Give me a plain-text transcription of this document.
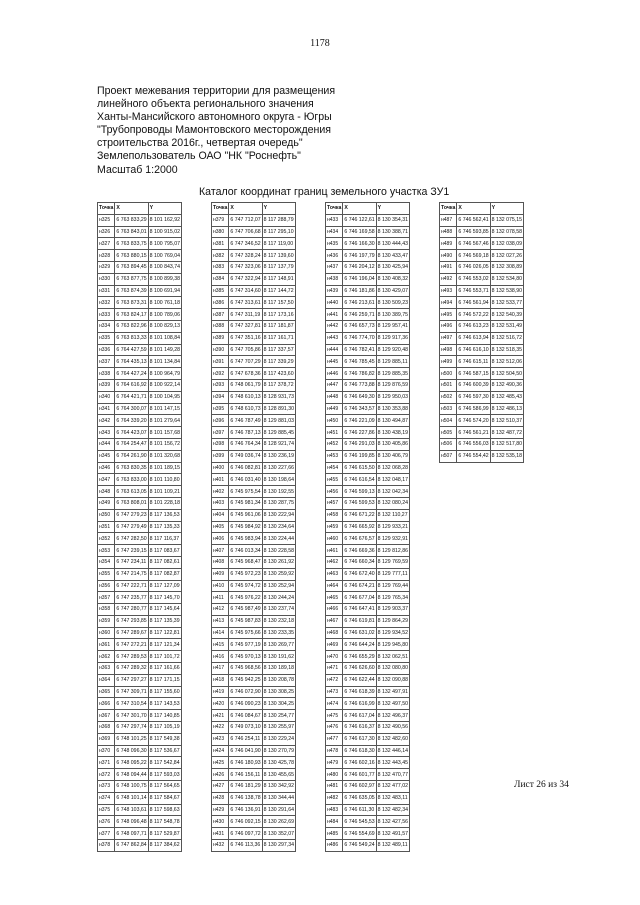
1178
Проект межевания территории для размещения
линейного объекта регионального значения
Ханты-Мансийского автономного округа - Югры
"Трубопроводы Мамонтовского месторождения
строительства 2016г., четвертая очередь"
Землепользователь ОАО "НК "Роснефть"
Масштаб 1:2000
Каталог координат границ земельного участка ЗУ1
Точка	X	Y
н325	6 763 833,29	8 101 162,92
н326	6 763 843,01	8 100 915,02
н327	6 763 833,75	8 100 795,07
н328	6 763 880,15	8 100 769,04
н329	6 763 894,45	8 100 843,74
н330	6 763 877,75	8 100 899,38
н331	6 763 874,39	8 100 691,94
н332	6 763 873,31	8 100 761,18
н333	6 763 824,17	8 100 789,06
н334	6 763 822,96	8 100 829,13
н335	6 763 813,33	8 101 108,84
н336	6 764 427,59	8 101 149,28
н337	6 764 435,13	8 101 134,84
н338	6 764 427,24	8 100 964,79
н339	6 764 616,92	8 100 922,14
н340	6 764 421,71	8 100 104,95
н341	6 764 300,07	8 101 147,15
н342	6 764 339,20	8 101 279,64
н343	6 764 423,07	8 101 157,68
н344	6 764 254,47	8 101 156,72
н345	6 764 261,90	8 101 320,68
н346	6 763 830,35	8 101 189,15
н347	6 763 833,00	8 101 110,80
н348	6 763 613,05	8 101 109,21
н349	6 763 808,01	8 101 228,18
н350	6 747 279,23	8 117 136,53
н351	6 747 279,49	8 117 135,33
н352	6 747 282,50	8 117 116,37
н353	6 747 239,15	8 117 083,67
н354	6 747 234,11	8 117 082,61
н355	6 747 214,75	8 117 082,87
н356	6 747 222,71	8 117 127,09
н357	6 747 235,77	8 117 145,70
н358	6 747 280,77	8 117 145,64
н359	6 747 293,85	8 117 135,39
н360	6 747 289,67	8 117 122,81
н361	6 747 272,21	8 117 121,34
н362	6 747 289,53	8 117 101,72
н363	6 747 289,32	8 117 161,66
н364	6 747 297,27	8 117 171,15
н365	6 747 309,71	8 117 155,60
н366	6 747 310,54	8 117 143,53
н367	6 747 301,70	8 117 140,85
н368	6 747 297,74	8 117 105,19
н369	6 748 101,25	8 117 549,38
н370	6 748 096,30	8 117 536,67
н371	6 748 095,22	8 117 542,84
н372	6 748 094,44	8 117 593,03
н373	6 748 100,75	8 117 564,65
н374	6 748 101,14	8 117 584,67
н375	6 748 103,61	8 117 598,63
н376	6 748 096,48	8 117 548,78
н377	6 748 097,71	8 117 529,87
н378	6 747 862,84	8 117 384,62
Точка	X	Y
н379	6 747 712,07	8 117 288,79
н380	6 747 706,68	8 117 295,10
н381	6 747 346,52	8 117 119,00
н382	6 747 328,24	8 117 139,60
н383	6 747 323,06	8 117 137,79
н384	6 747 322,94	8 117 148,91
н385	6 747 314,60	8 117 144,72
н386	6 747 313,61	8 117 157,50
н387	6 747 311,19	8 117 173,16
н388	6 747 327,81	8 117 181,87
н389	6 747 351,16	8 117 161,71
н390	6 747 705,86	8 117 337,57
н391	6 747 707,29	8 117 339,29
н392	6 747 678,36	8 117 423,60
н393	6 748 061,79	8 117 378,72
н394	6 748 610,13	8 128 931,73
н395	6 748 610,73	8 128 891,30
н396	6 746 787,49	8 129 881,03
н397	6 746 787,13	8 129 885,45
н398	6 746 764,34	8 128 921,74
н399	6 749 036,74	8 130 236,19
н400	6 746 082,81	8 130 227,66
н401	6 746 031,40	8 130 198,64
н402	6 745 975,54	8 130 192,55
н403	6 745 981,34	8 130 287,75
н404	6 745 961,06	8 130 222,94
н405	6 745 984,92	8 130 234,64
н406	6 745 983,94	8 130 224,44
н407	6 746 013,34	8 130 228,58
н408	6 745 968,47	8 130 261,92
н409	6 745 972,23	8 130 259,92
н410	6 745 974,72	8 130 252,94
н411	6 745 976,22	8 130 244,24
н412	6 745 987,49	8 130 237,74
н413	6 745 987,83	8 130 232,18
н414	6 745 975,66	8 130 233,35
н415	6 745 977,19	8 130 269,77
н416	6 745 970,13	8 130 191,62
н417	6 745 968,56	8 130 189,18
н418	6 745 942,25	8 130 208,78
н419	6 746 072,90	8 130 308,25
н420	6 746 090,23	8 130 304,25
н421	6 746 084,67	8 130 254,77
н422	6 749 073,10	8 130 255,97
н423	6 746 254,11	8 130 229,24
н424	6 746 041,90	8 130 270,79
н425	6 746 180,93	8 130 425,78
н426	6 746 156,11	8 130 455,65
н427	6 746 181,29	8 130 342,92
н428	6 746 138,78	8 130 344,44
н429	6 746 136,91	8 130 291,64
н430	6 746 092,15	8 130 262,69
н431	6 746 097,72	8 130 352,07
н432	6 746 113,36	8 130 297,34
Точка	X	Y
н433	6 746 122,61	8 130 354,31
н434	6 746 169,58	8 130 388,71
н435	6 746 166,30	8 130 444,43
н436	6 746 197,79	8 130 433,47
н437	6 746 204,12	8 130 425,94
н438	6 746 196,04	8 130 408,32
н439	6 746 181,86	8 130 429,07
н440	6 746 213,61	8 130 509,23
н441	6 746 259,71	8 130 389,75
н442	6 746 657,73	8 129 957,41
н443	6 746 774,70	8 129 917,36
н444	6 746 782,41	8 129 920,48
н445	6 746 785,45	8 129 885,11
н446	6 746 786,82	8 129 885,35
н447	6 746 773,88	8 129 876,59
н448	6 746 649,30	8 129 950,03
н449	6 746 343,57	8 130 353,88
н450	6 746 221,09	8 130 494,87
н451	6 746 227,86	8 130 438,19
н452	6 746 291,03	8 130 405,86
н453	6 746 199,85	8 130 406,79
н454	6 746 615,50	8 132 068,28
н455	6 746 616,54	8 132 048,17
н456	6 746 599,13	8 132 042,34
н457	6 746 599,53	8 132 080,24
н458	6 746 671,22	8 132 110,27
н459	6 746 665,92	8 129 933,21
н460	6 746 676,57	8 129 932,91
н461	6 746 669,36	8 129 812,86
н462	6 746 660,34	8 129 769,59
н463	6 746 672,40	8 129 777,11
н464	6 746 674,21	8 129 769,44
н465	6 746 677,04	8 129 765,34
н466	6 746 647,41	8 129 903,37
н467	6 746 619,81	8 129 864,29
н468	6 746 631,02	8 129 934,52
н469	6 746 644,24	8 129 945,80
н470	6 746 655,29	8 132 062,51
н471	6 746 626,60	8 132 080,80
н472	6 746 622,44	8 132 090,88
н473	6 746 618,39	8 132 497,91
н474	6 746 616,99	8 132 497,50
н475	6 746 617,04	8 132 496,37
н476	6 746 616,37	8 132 490,56
н477	6 746 617,30	8 132 482,60
н478	6 746 618,30	8 132 446,14
н479	6 746 602,16	8 132 443,45
н480	6 746 601,77	8 132 470,77
н481	6 746 602,97	8 132 477,02
н482	6 746 635,05	8 132 483,11
н483	6 746 611,30	8 132 482,34
н484	6 746 545,53	8 132 427,56
н485	6 746 554,69	8 132 491,57
н486	6 746 549,24	8 132 489,11
Точка	X	Y
н487	6 746 562,41	8 132 075,15
н488	6 746 593,85	8 132 078,58
н489	6 746 567,46	8 132 038,09
н490	6 746 569,18	8 132 027,26
н491	6 746 026,05	8 132 308,89
н492	6 746 553,02	8 132 534,80
н493	6 746 553,71	8 132 538,90
н494	6 746 561,94	8 132 533,77
н495	6 746 572,22	8 132 540,39
н496	6 746 613,23	8 132 531,49
н497	6 746 613,94	8 132 516,72
н498	6 746 616,10	8 132 518,35
н499	6 746 615,11	8 132 512,06
н500	6 746 587,15	8 132 504,50
н501	6 746 600,39	8 132 490,36
н502	6 746 597,30	8 132 485,43
н503	6 746 586,99	8 132 486,13
н504	6 746 574,20	8 132 510,37
н505	6 746 561,21	8 132 487,72
н506	6 746 556,03	8 132 517,80
н507	6 746 554,42	8 132 535,18
Лист 26 из 34
